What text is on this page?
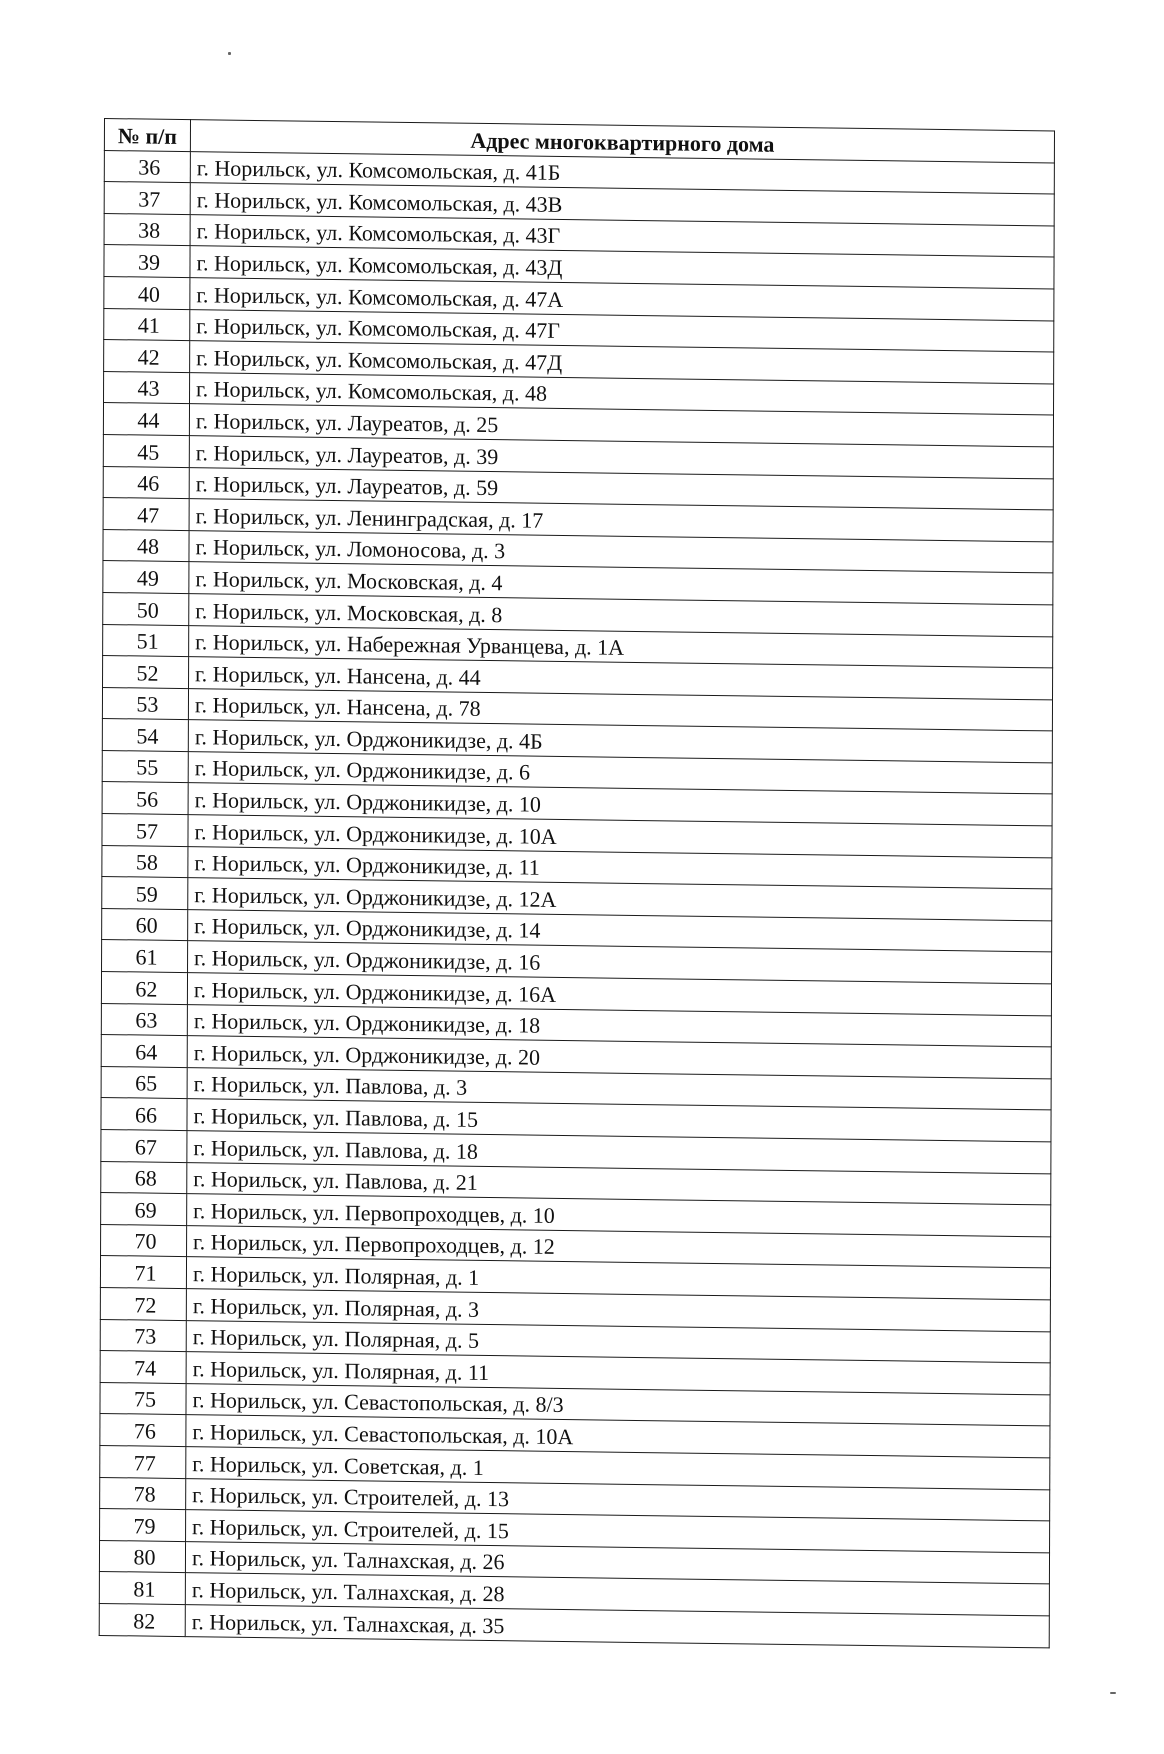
№ п/п	Адрес многоквартирного дома
36	г. Норильск, ул. Комсомольская, д. 41Б
37	г. Норильск, ул. Комсомольская, д. 43В
38	г. Норильск, ул. Комсомольская, д. 43Г
39	г. Норильск, ул. Комсомольская, д. 43Д
40	г. Норильск, ул. Комсомольская, д. 47А
41	г. Норильск, ул. Комсомольская, д. 47Г
42	г. Норильск, ул. Комсомольская, д. 47Д
43	г. Норильск, ул. Комсомольская, д. 48
44	г. Норильск, ул. Лауреатов, д. 25
45	г. Норильск, ул. Лауреатов, д. 39
46	г. Норильск, ул. Лауреатов, д. 59
47	г. Норильск, ул. Ленинградская, д. 17
48	г. Норильск, ул. Ломоносова, д. 3
49	г. Норильск, ул. Московская, д. 4
50	г. Норильск, ул. Московская, д. 8
51	г. Норильск, ул. Набережная Урванцева, д. 1А
52	г. Норильск, ул. Нансена, д. 44
53	г. Норильск, ул. Нансена, д. 78
54	г. Норильск, ул. Орджоникидзе, д. 4Б
55	г. Норильск, ул. Орджоникидзе, д. 6
56	г. Норильск, ул. Орджоникидзе, д. 10
57	г. Норильск, ул. Орджоникидзе, д. 10А
58	г. Норильск, ул. Орджоникидзе, д. 11
59	г. Норильск, ул. Орджоникидзе, д. 12А
60	г. Норильск, ул. Орджоникидзе, д. 14
61	г. Норильск, ул. Орджоникидзе, д. 16
62	г. Норильск, ул. Орджоникидзе, д. 16А
63	г. Норильск, ул. Орджоникидзе, д. 18
64	г. Норильск, ул. Орджоникидзе, д. 20
65	г. Норильск, ул. Павлова, д. 3
66	г. Норильск, ул. Павлова, д. 15
67	г. Норильск, ул. Павлова, д. 18
68	г. Норильск, ул. Павлова, д. 21
69	г. Норильск, ул. Первопроходцев, д. 10
70	г. Норильск, ул. Первопроходцев, д. 12
71	г. Норильск, ул. Полярная, д. 1
72	г. Норильск, ул. Полярная, д. 3
73	г. Норильск, ул. Полярная, д. 5
74	г. Норильск, ул. Полярная, д. 11
75	г. Норильск, ул. Севастопольская, д. 8/3
76	г. Норильск, ул. Севастопольская, д. 10А
77	г. Норильск, ул. Советская, д. 1
78	г. Норильск, ул. Строителей, д. 13
79	г. Норильск, ул. Строителей, д. 15
80	г. Норильск, ул. Талнахская, д. 26
81	г. Норильск, ул. Талнахская, д. 28
82	г. Норильск, ул. Талнахская, д. 35
